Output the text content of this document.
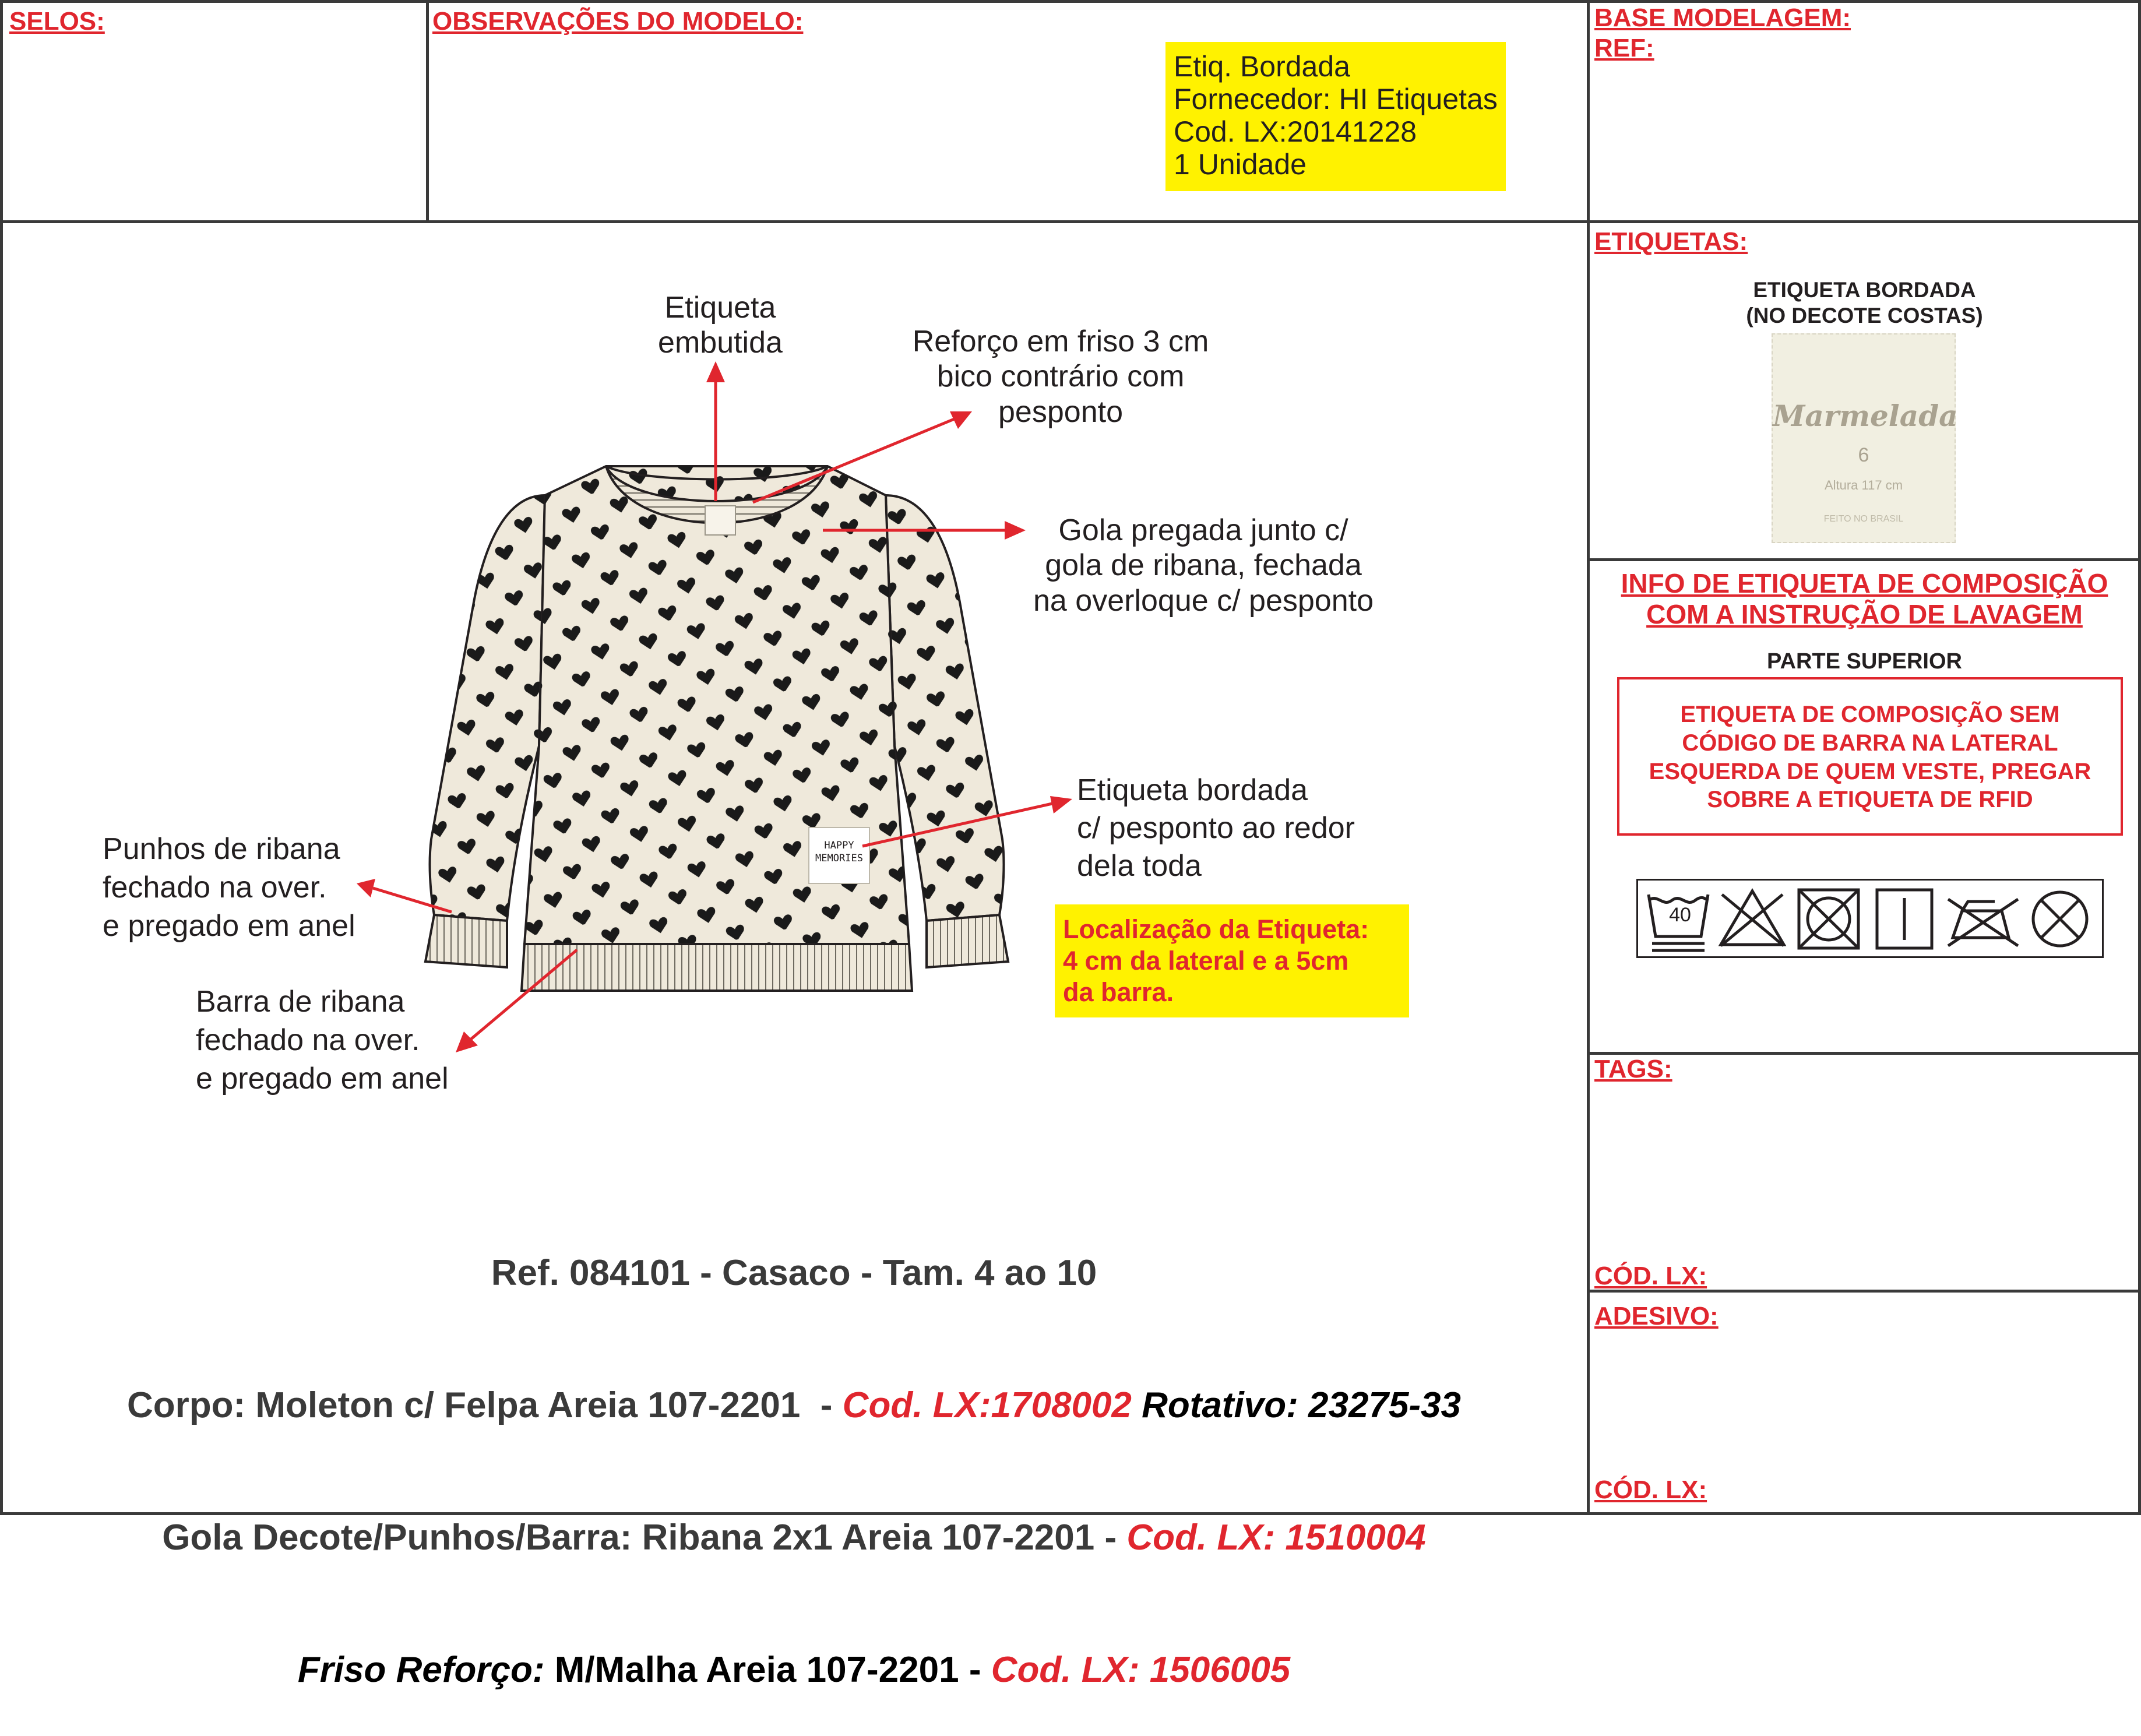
SELOS:	OBSERVAÇÕES DO MODELO:	BASE MODELAGEM:
REF:
Etiq. Bordada
Fornecedor: HI Etiquetas
Cod. LX:20141228
1 Unidade
ETIQUETAS:
ETIQUETA BORDADA
(NO DECOTE COSTAS)
Marmelada
6
Altura 117 cm
FEITO NO BRASIL
INFO DE ETIQUETA DE COMPOSIÇÃO
COM A INSTRUÇÃO DE LAVAGEM
PARTE SUPERIOR
ETIQUETA DE COMPOSIÇÃO SEM
CÓDIGO DE BARRA NA LATERAL
ESQUERDA DE QUEM VESTE, PREGAR
SOBRE A ETIQUETA DE RFID
40
TAGS:
CÓD. LX:
ADESIVO:
CÓD. LX:
HAPPY
MEMORIES
Etiqueta
embutida	Reforço em friso 3 cm
bico contrário com
pesponto
Gola pregada junto c/
gola de ribana, fechada
na overloque c/ pesponto
Etiqueta bordada
c/ pesponto ao redor
dela toda
Punhos de ribana
fechado na over.
e pregado em anel
Barra de ribana
fechado na over.
e pregado em anel
Localização da Etiqueta:
4 cm da lateral e a 5cm
da barra.

Ref. 084101 - Casaco - Tam. 4 ao 10

Corpo: Moleton c/ Felpa Areia 107-2201  - Cod. LX:1708002 Rotativo: 23275-33

Gola Decote/Punhos/Barra: Ribana 2x1 Areia 107-2201 - Cod. LX: 1510004

Friso Reforço: M/Malha Areia 107-2201 - Cod. LX: 1506005
